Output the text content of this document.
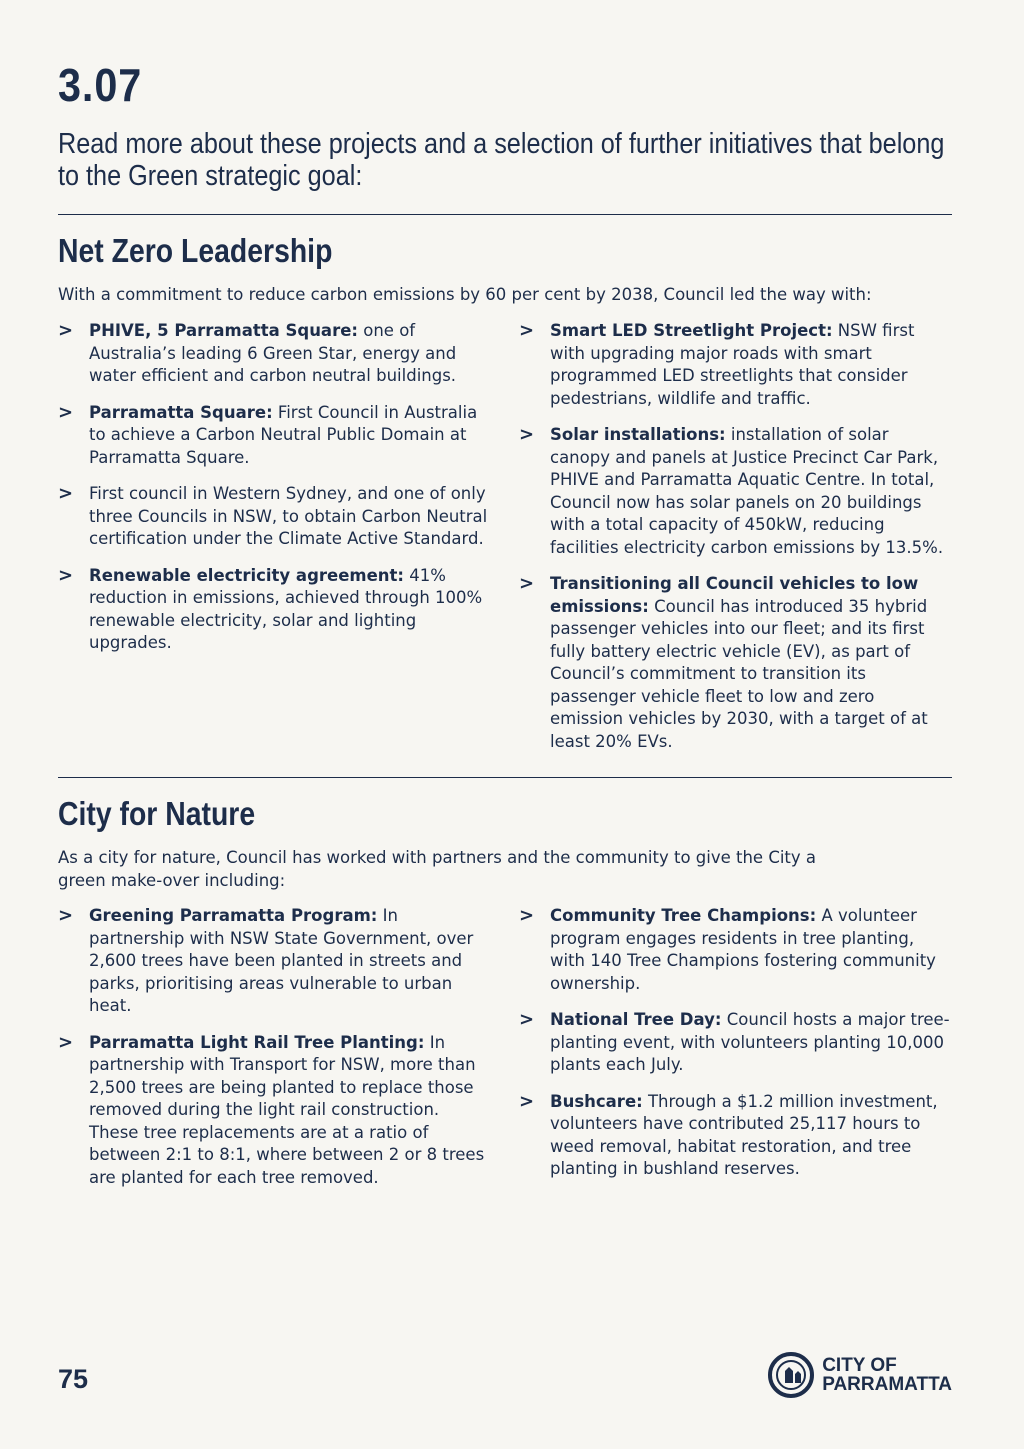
3.07
Read more about these projects and a selection of further initiatives that belong to the Green strategic goal:
Net Zero Leadership
With a commitment to reduce carbon emissions by 60 per cent by 2038, Council led the way with:
> PHIVE, 5 Parramatta Square: one of Australia’s leading 6 Green Star, energy and water efficient and carbon neutral buildings.
> Parramatta Square: First Council in Australia to achieve a Carbon Neutral Public Domain at Parramatta Square.
> First council in Western Sydney, and one of only three Councils in NSW, to obtain Carbon Neutral certification under the Climate Active Standard.
> Renewable electricity agreement: 41% reduction in emissions, achieved through 100% renewable electricity, solar and lighting upgrades.
> Smart LED Streetlight Project: NSW first with upgrading major roads with smart programmed LED streetlights that consider pedestrians, wildlife and traffic.
> Solar installations: installation of solar canopy and panels at Justice Precinct Car Park, PHIVE and Parramatta Aquatic Centre. In total, Council now has solar panels on 20 buildings with a total capacity of 450kW, reducing facilities electricity carbon emissions by 13.5%.
> Transitioning all Council vehicles to low emissions: Council has introduced 35 hybrid passenger vehicles into our fleet; and its first fully battery electric vehicle (EV), as part of Council’s commitment to transition its passenger vehicle fleet to low and zero emission vehicles by 2030, with a target of at least 20% EVs.
City for Nature
As a city for nature, Council has worked with partners and the community to give the City a green make-over including:
> Greening Parramatta Program: In partnership with NSW State Government, over 2,600 trees have been planted in streets and parks, prioritising areas vulnerable to urban heat.
> Parramatta Light Rail Tree Planting: In partnership with Transport for NSW, more than 2,500 trees are being planted to replace those removed during the light rail construction. These tree replacements are at a ratio of between 2:1 to 8:1, where between 2 or 8 trees are planted for each tree removed.
> Community Tree Champions: A volunteer program engages residents in tree planting, with 140 Tree Champions fostering community ownership.
> National Tree Day: Council hosts a major tree-planting event, with volunteers planting 10,000 plants each July.
> Bushcare: Through a $1.2 million investment, volunteers have contributed 25,117 hours to weed removal, habitat restoration, and tree planting in bushland reserves.
75	CITY OF
PARRAMATTA
